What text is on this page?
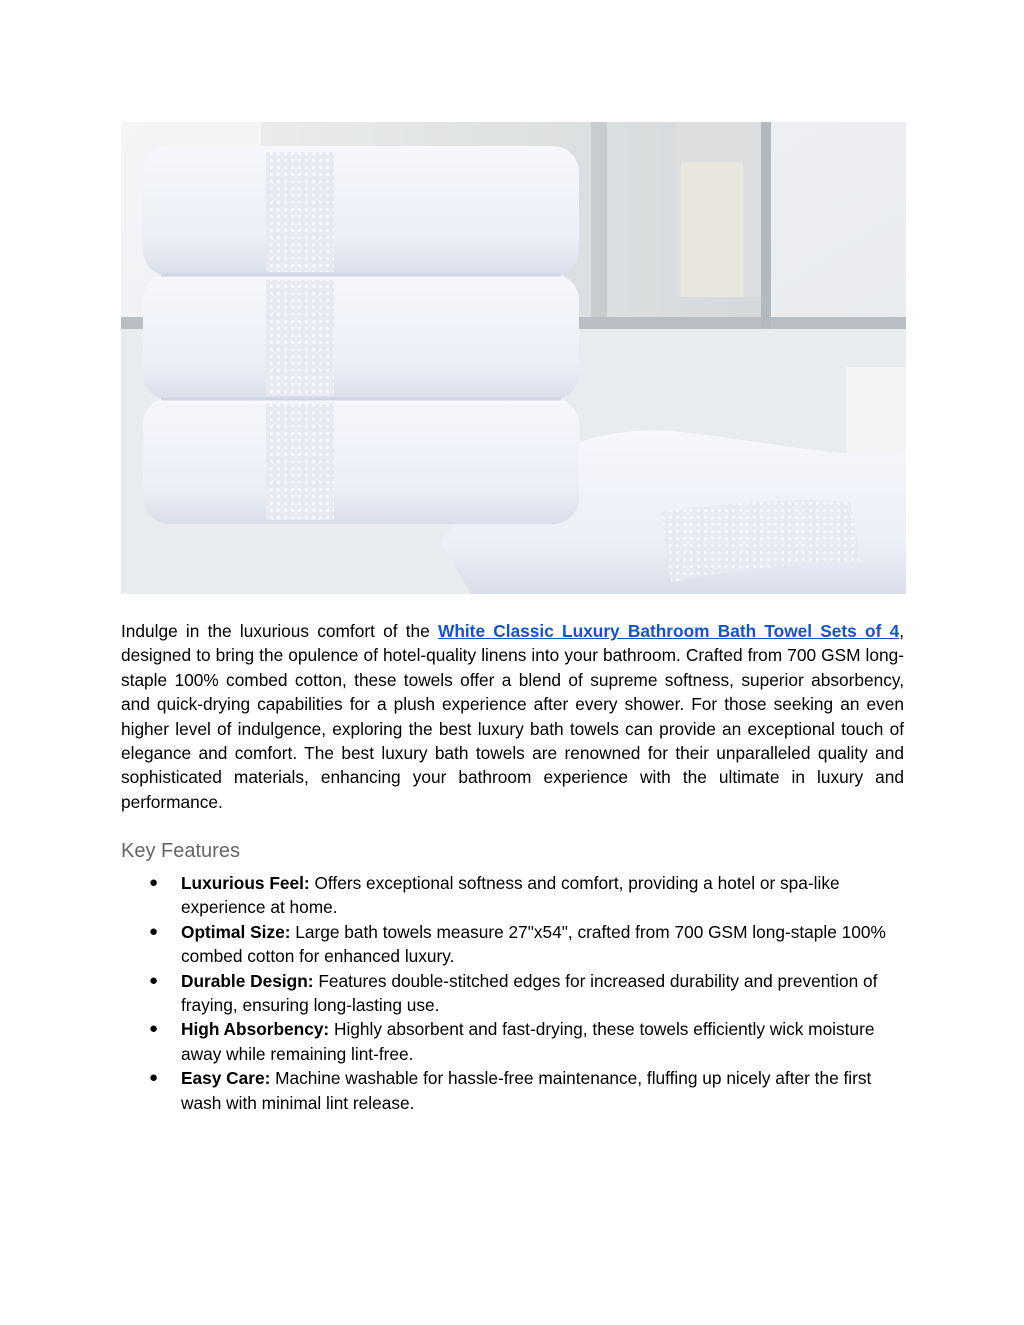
Indulge in the luxurious comfort of the White Classic Luxury Bathroom Bath Towel Sets of 4, designed to bring the opulence of hotel-quality linens into your bathroom. Crafted from 700 GSM long-staple 100% combed cotton, these towels offer a blend of supreme softness, superior absorbency, and quick-drying capabilities for a plush experience after every shower. For those seeking an even higher level of indulgence, exploring the best luxury bath towels can provide an exceptional touch of elegance and comfort. The best luxury bath towels are renowned for their unparalleled quality and sophisticated materials, enhancing your bathroom experience with the ultimate in luxury and performance.

Key Features
● Luxurious Feel: Offers exceptional softness and comfort, providing a hotel or spa-like experience at home.
● Optimal Size: Large bath towels measure 27"x54", crafted from 700 GSM long-staple 100% combed cotton for enhanced luxury.
● Durable Design: Features double-stitched edges for increased durability and prevention of fraying, ensuring long-lasting use.
● High Absorbency: Highly absorbent and fast-drying, these towels efficiently wick moisture away while remaining lint-free.
● Easy Care: Machine washable for hassle-free maintenance, fluffing up nicely after the first wash with minimal lint release.
